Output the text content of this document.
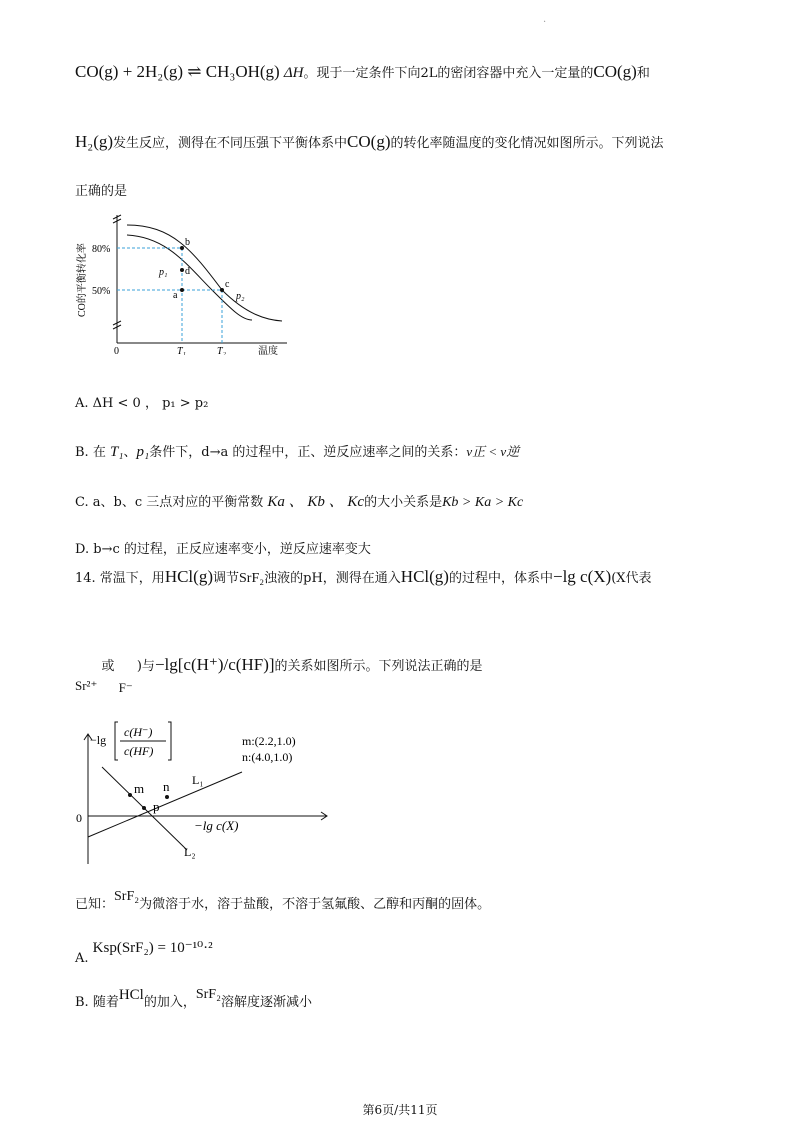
.
CO(g) + 2H₂(g) ⇌ CH₃OH(g) ΔH。现于一定条件下向2L的密闭容器中充入一定量的CO(g)和
H₂(g)发生反应，测得在不同压强下平衡体系中CO(g)的转化率随温度的变化情况如图所示。下列说法
正确的是
b
d
a
c
p₁
p₂
80%
50%
T₁	T₂
0	温度
CO的平衡转化率
A. ΔH < 0 ， p₁ > p₂
B. 在 T₁、p₁条件下，d→a 的过程中，正、逆反应速率之间的关系：v正 < v逆
C. a、b、c 三点对应的平衡常数 Ka 、 Kb 、 Kc的大小关系是Kb > Ka > Kc
D. b→c 的过程，正反应速率变小，逆反应速率变大
14. 常温下，用HCl(g)调节SrF₂浊液的pH，测得在通入HCl(g)的过程中，体系中−lg c(X)(X代表
Sr²⁺ 或 F⁻ )与−lg[c(H⁺)/c(HF)]的关系如图所示。下列说法正确的是
m n
p
L₁
L₂
0	−lg c(X)
−lg
c(H⁻)
c(HF)
m:(2.2,1.0)
n:(4.0,1.0)
已知：SrF₂为微溶于水，溶于盐酸，不溶于氢氟酸、乙醇和丙酮的固体。
A. Ksp(SrF₂) = 10⁻¹⁰·²
B. 随着HCl的加入，SrF₂溶解度逐渐减小
第6页/共11页
